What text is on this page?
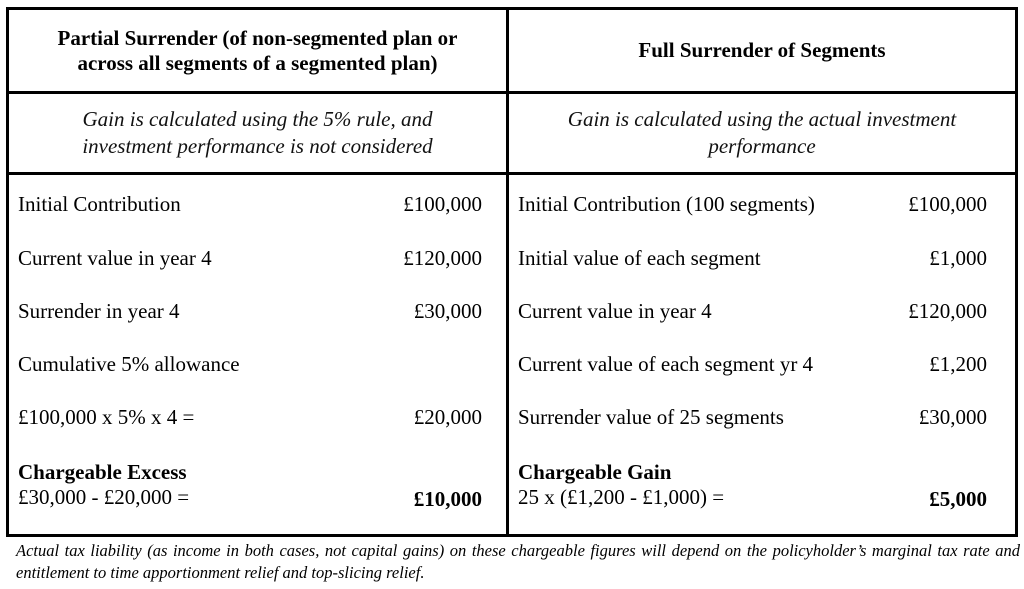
Partial Surrender (of non-segmented plan or across all segments of a segmented plan)
Full Surrender of Segments
Gain is calculated using the 5% rule, and investment performance is not considered
Gain is calculated using the actual investment performance
Initial Contribution	£100,000
Current value in year 4	£120,000
Surrender in year 4	£30,000
Cumulative 5% allowance
£100,000 x 5% x 4 =	£20,000
Chargeable Excess
£30,000 - £20,000 =	£10,000
Initial Contribution (100 segments)	£100,000
Initial value of each segment	£1,000
Current value in year 4	£120,000
Current value of each segment yr 4	£1,200
Surrender value of 25 segments	£30,000
Chargeable Gain
25 x (£1,200 - £1,000) =	£5,000
Actual tax liability (as income in both cases, not capital gains) on these chargeable figures will depend on the policyholder’s marginal tax rate and entitlement to time apportionment relief and top-slicing relief.
